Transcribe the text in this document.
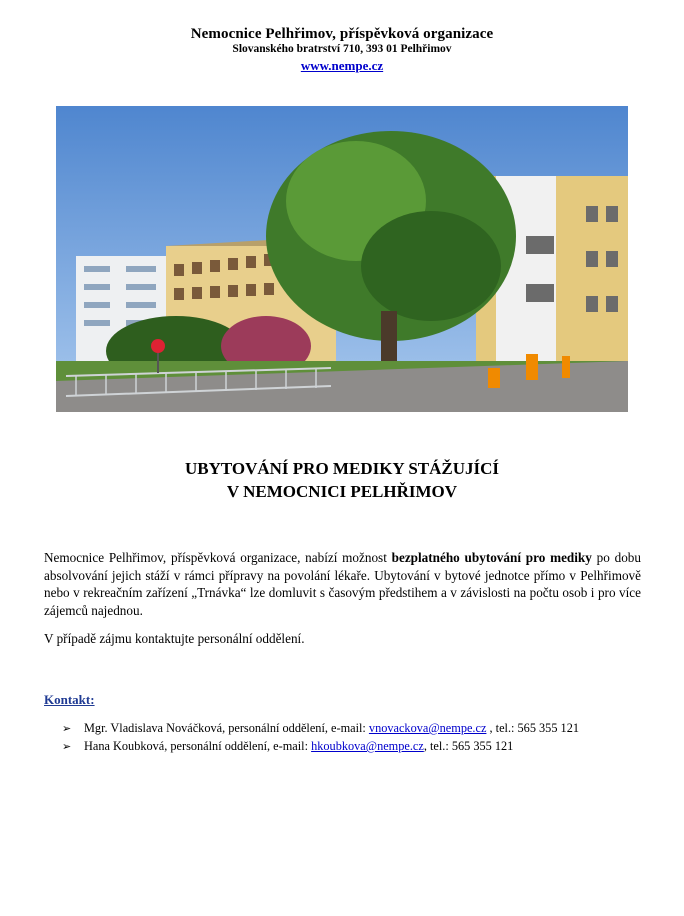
Nemocnice Pelhřimov, příspěvková organizace
Slovanského bratrství 710, 393 01 Pelhřimov
www.nempe.cz
UBYTOVÁNÍ PRO MEDIKY STÁŽUJÍCÍ
V NEMOCNICI PELHŘIMOV
Nemocnice Pelhřimov, příspěvková organizace, nabízí možnost bezplatného ubytování pro mediky po dobu absolvování jejich stáží v rámci přípravy na povolání lékaře. Ubytování v bytové jednotce přímo v Pelhřimově nebo v rekreačním zařízení „Trnávka“ lze domluvit s časovým předstihem a v závislosti na počtu osob i pro více zájemců najednou.
V případě zájmu kontaktujte personální oddělení.
Kontakt:
➢ Mgr. Vladislava Nováčková, personální oddělení, e-mail: vnovackova@nempe.cz , tel.: 565 355 121
➢ Hana Koubková, personální oddělení, e-mail: hkoubkova@nempe.cz, tel.: 565 355 121
